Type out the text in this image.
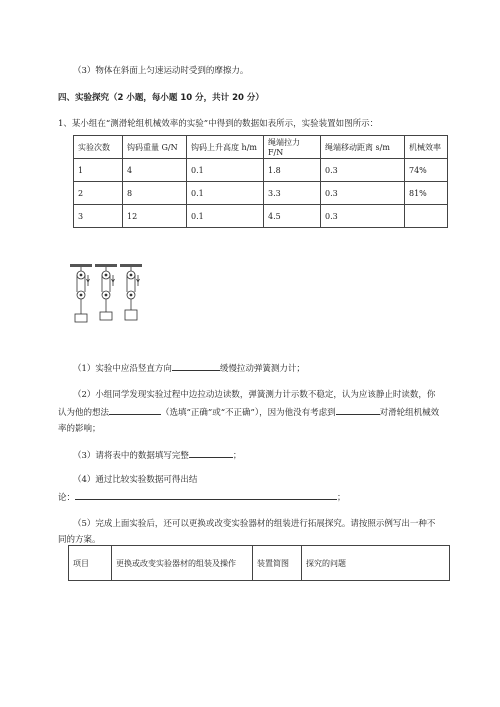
（3）物体在斜面上匀速运动时受到的摩擦力。
四、实验探究（2 小题，每小题 10 分，共计 20 分）
1、某小组在“测滑轮组机械效率的实验”中得到的数据如表所示，实验装置如图所示：
实验次数	钩码重量 G/N	钩码上升高度 h/m	绳端拉力 F/N	绳端移动距离 s/m	机械效率
1	4	0.1	1.8	0.3	74%
2	8	0.1	3.3	0.3	81%
3	12	0.1	4.5	0.3	
（1）实验中应沿竖直方向	缓慢拉动弹簧测力计；
（2）小组同学发现实验过程中边拉动边读数，弹簧测力计示数不稳定，认为应该静止时读数，你
认为他的想法	（选填“正确”或“不正确”），因为他没有考虑到	对滑轮组机械效
率的影响；
（3）请将表中的数据填写完整	；
（4）通过比较实验数据可得出结
论：	；
（5）完成上面实验后，还可以更换或改变实验器材的组装进行拓展探究。请按照示例写出一种不
同的方案。
项目	更换或改变实验器材的组装及操作	装置简图	探究的问题
